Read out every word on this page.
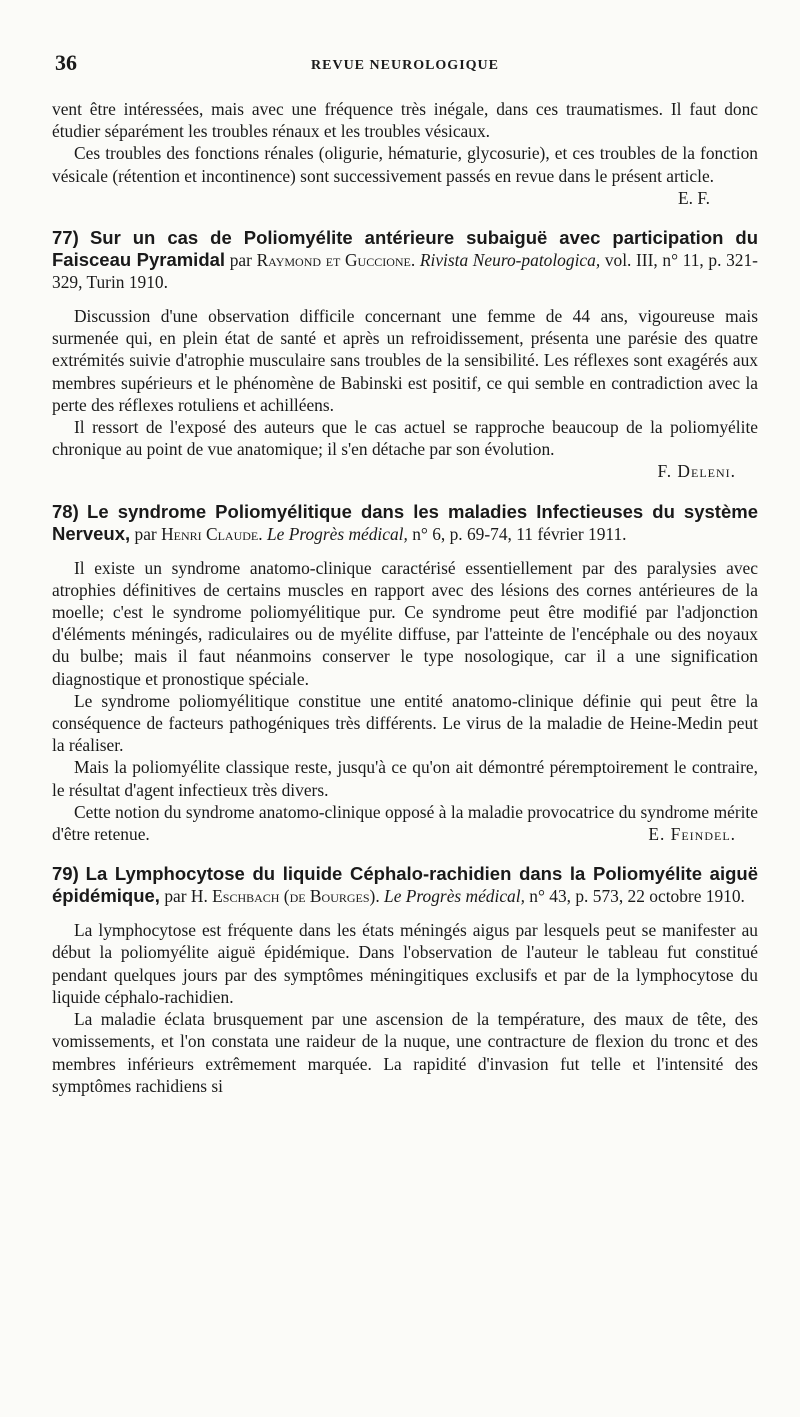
36	REVUE NEUROLOGIQUE

vent être intéressées, mais avec une fréquence très inégale, dans ces traumatismes. Il faut donc étudier séparément les troubles rénaux et les troubles vésicaux.

Ces troubles des fonctions rénales (oligurie, hématurie, glycosurie), et ces troubles de la fonction vésicale (rétention et incontinence) sont successivement passés en revue dans le présent article.

E. F.

77) Sur un cas de Poliomyélite antérieure subaiguë avec participation du Faisceau Pyramidal par Raymond et Guccione. Rivista Neuro-patologica, vol. III, n° 11, p. 321-329, Turin 1910.

Discussion d'une observation difficile concernant une femme de 44 ans, vigoureuse mais surmenée qui, en plein état de santé et après un refroidissement, présenta une parésie des quatre extrémités suivie d'atrophie musculaire sans troubles de la sensibilité. Les réflexes sont exagérés aux membres supérieurs et le phénomène de Babinski est positif, ce qui semble en contradiction avec la perte des réflexes rotuliens et achilléens.

Il ressort de l'exposé des auteurs que le cas actuel se rapproche beaucoup de la poliomyélite chronique au point de vue anatomique; il s'en détache par son évolution.

F. Deleni.

78) Le syndrome Poliomyélitique dans les maladies Infectieuses du système Nerveux, par Henri Claude. Le Progrès médical, n° 6, p. 69-74, 11 février 1911.

Il existe un syndrome anatomo-clinique caractérisé essentiellement par des paralysies avec atrophies définitives de certains muscles en rapport avec des lésions des cornes antérieures de la moelle; c'est le syndrome poliomyélitique pur. Ce syndrome peut être modifié par l'adjonction d'éléments méningés, radiculaires ou de myélite diffuse, par l'atteinte de l'encéphale ou des noyaux du bulbe; mais il faut néanmoins conserver le type nosologique, car il a une signification diagnostique et pronostique spéciale.

Le syndrome poliomyélitique constitue une entité anatomo-clinique définie qui peut être la conséquence de facteurs pathogéniques très différents. Le virus de la maladie de Heine-Medin peut la réaliser.

Mais la poliomyélite classique reste, jusqu'à ce qu'on ait démontré péremptoirement le contraire, le résultat d'agent infectieux très divers.

Cette notion du syndrome anatomo-clinique opposé à la maladie provocatrice du syndrome mérite d'être retenue.	E. Feindel.

79) La Lymphocytose du liquide Céphalo-rachidien dans la Poliomyélite aiguë épidémique, par H. Eschbach (de Bourges). Le Progrès médical, n° 43, p. 573, 22 octobre 1910.

La lymphocytose est fréquente dans les états méningés aigus par lesquels peut se manifester au début la poliomyélite aiguë épidémique. Dans l'observation de l'auteur le tableau fut constitué pendant quelques jours par des symptômes méningitiques exclusifs et par de la lymphocytose du liquide céphalo-rachidien.

La maladie éclata brusquement par une ascension de la température, des maux de tête, des vomissements, et l'on constata une raideur de la nuque, une contracture de flexion du tronc et des membres inférieurs extrêmement marquée. La rapidité d'invasion fut telle et l'intensité des symptômes rachidiens si
